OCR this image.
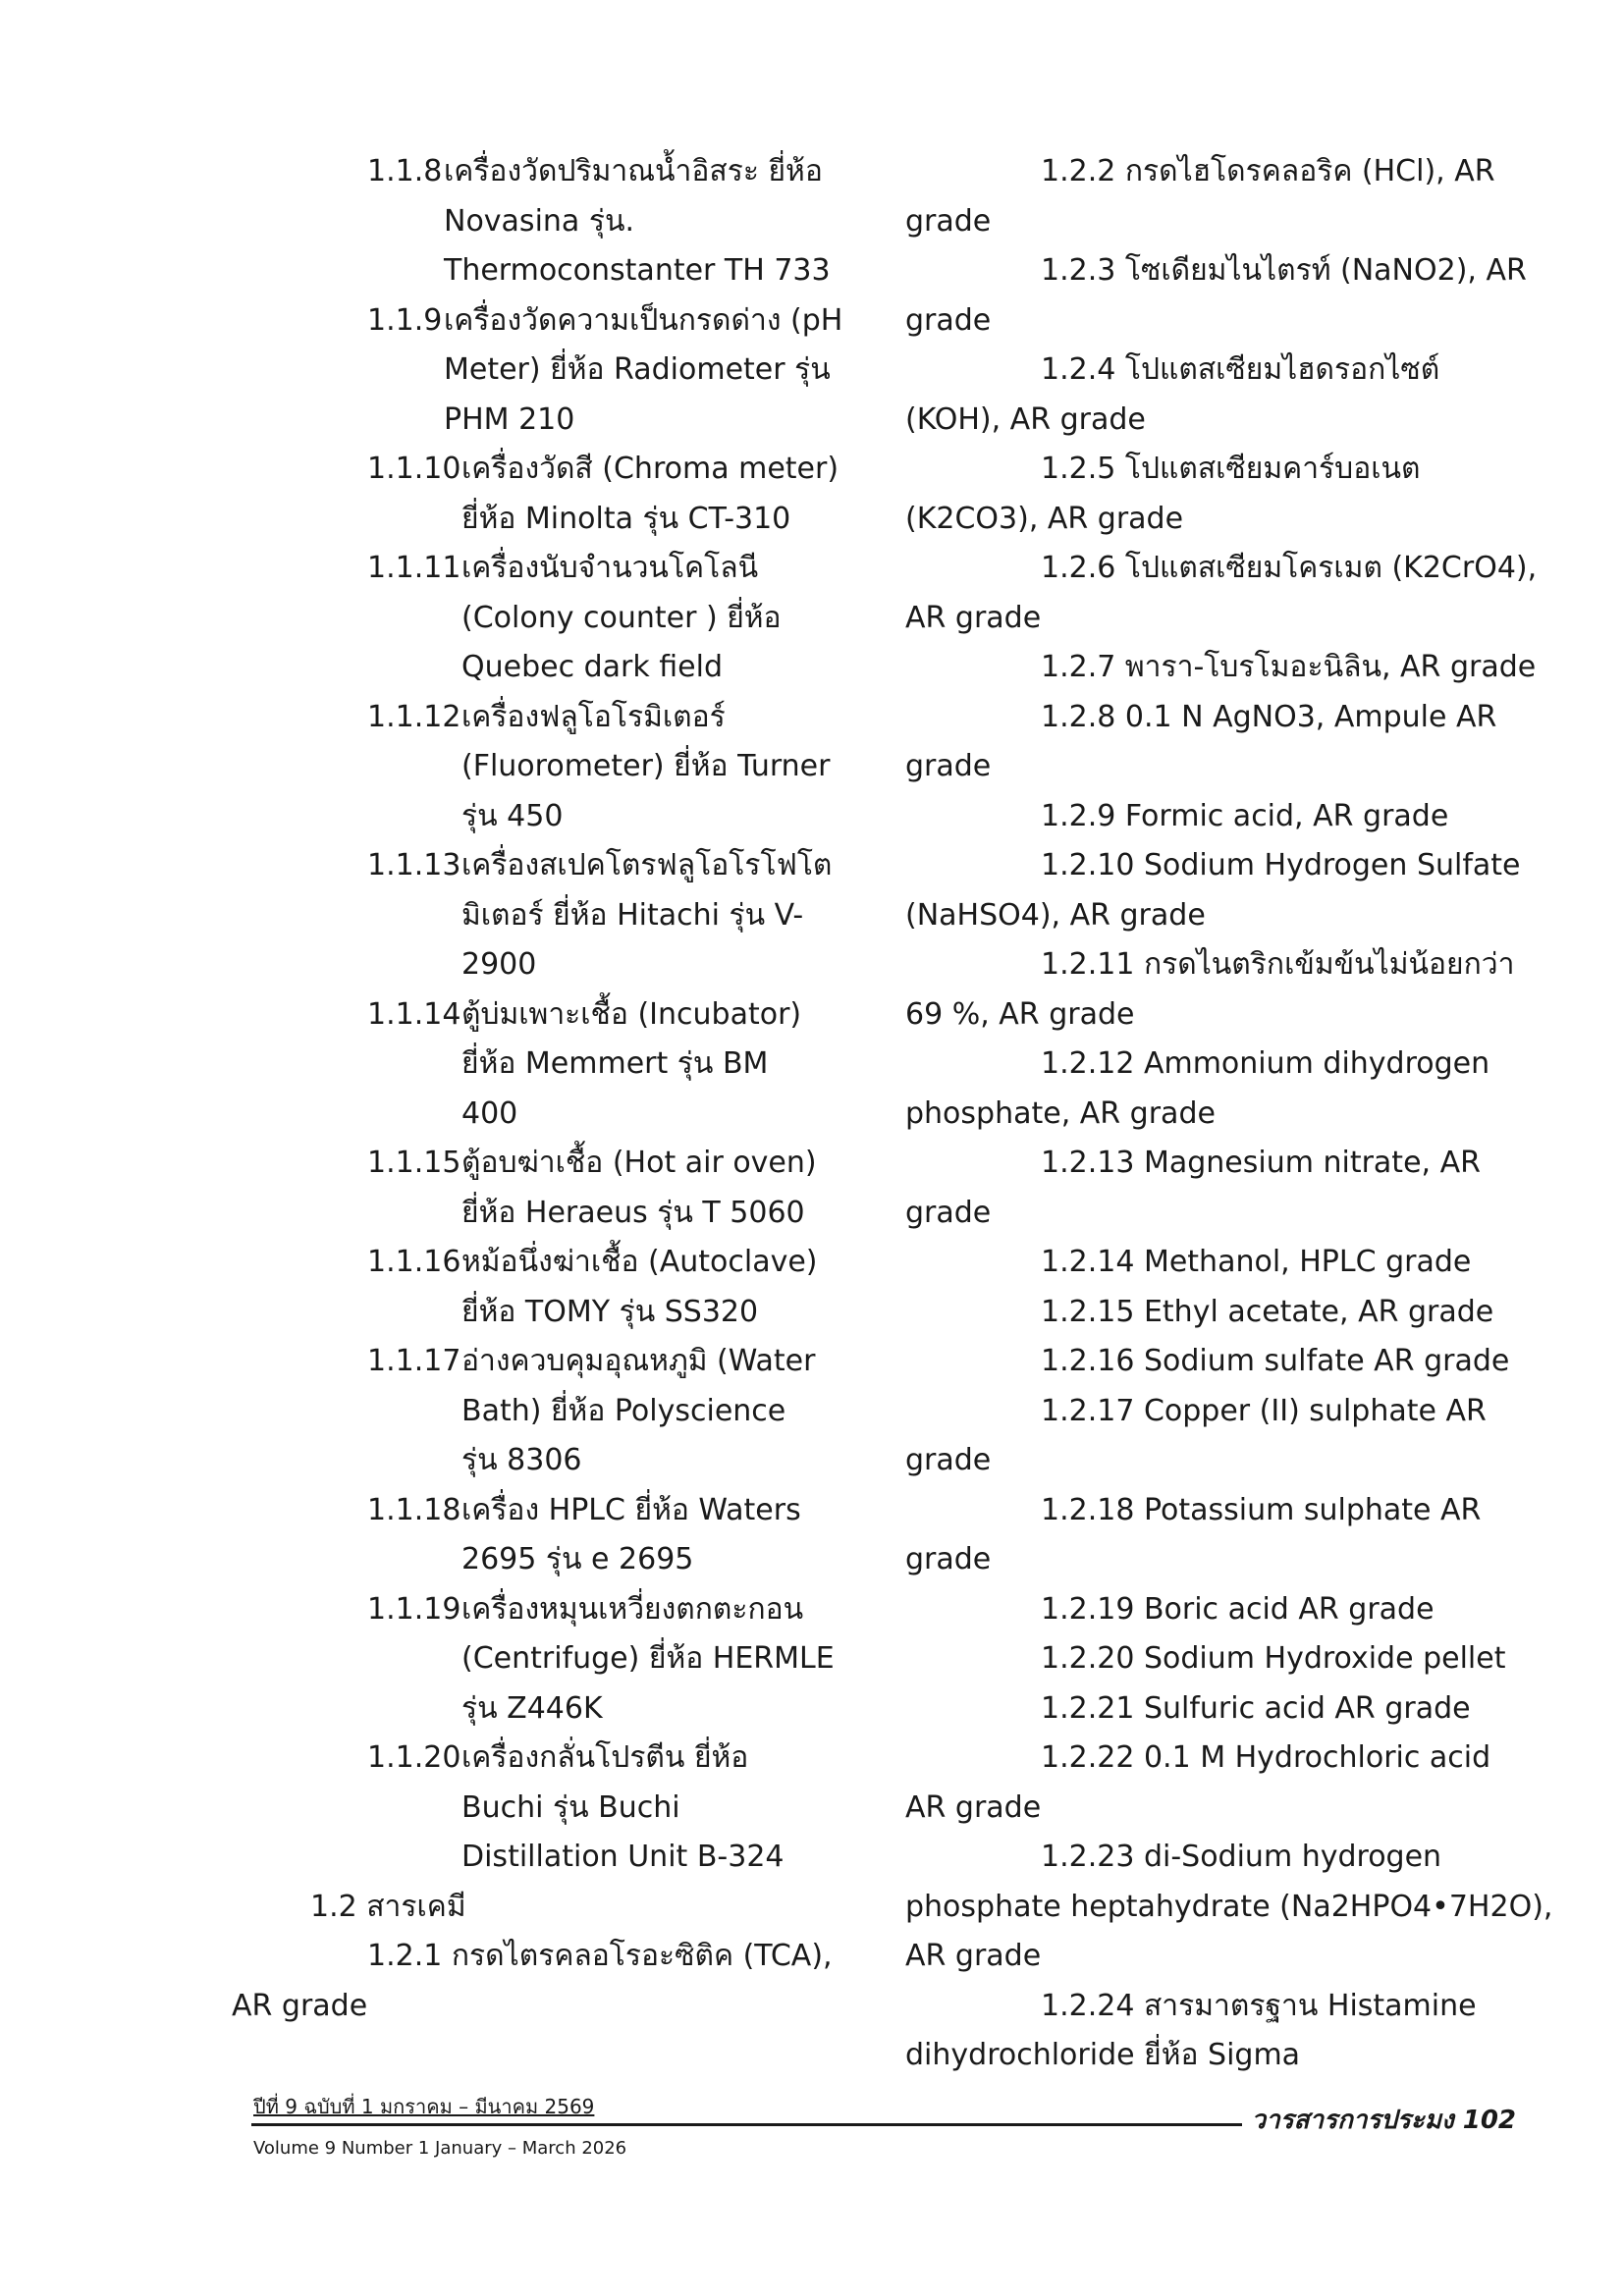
1.1.8 เครื่องวัดปริมาณน้ำอิสระ ยี่ห้อ
Novasina รุ่น.
Thermoconstanter TH 733
1.1.9 เครื่องวัดความเป็นกรดด่าง (pH
Meter) ยี่ห้อ Radiometer รุ่น
PHM 210
1.1.10 เครื่องวัดสี (Chroma meter)
ยี่ห้อ Minolta รุ่น CT-310
1.1.11 เครื่องนับจำนวนโคโลนี
(Colony counter ) ยี่ห้อ
Quebec dark field
1.1.12 เครื่องฟลูโอโรมิเตอร์
(Fluorometer) ยี่ห้อ Turner
รุ่น 450
1.1.13 เครื่องสเปคโตรฟลูโอโรโฟโต
มิเตอร์ ยี่ห้อ Hitachi รุ่น V-
2900
1.1.14 ตู้บ่มเพาะเชื้อ (Incubator)
ยี่ห้อ Memmert รุ่น BM
400
1.1.15 ตู้อบฆ่าเชื้อ (Hot air oven)
ยี่ห้อ Heraeus รุ่น T 5060
1.1.16 หม้อนึ่งฆ่าเชื้อ (Autoclave)
ยี่ห้อ TOMY รุ่น SS320
1.1.17 อ่างควบคุมอุณหภูมิ (Water
Bath) ยี่ห้อ Polyscience
รุ่น 8306
1.1.18 เครื่อง HPLC ยี่ห้อ Waters
2695 รุ่น e 2695
1.1.19 เครื่องหมุนเหวี่ยงตกตะกอน
(Centrifuge) ยี่ห้อ HERMLE
รุ่น Z446K
1.1.20 เครื่องกลั่นโปรตีน ยี่ห้อ
Buchi รุ่น Buchi
Distillation Unit B-324
1.2 สารเคมี
1.2.1 กรดไตรคลอโรอะซิติค (TCA),
AR grade
1.2.2 กรดไฮโดรคลอริค (HCl), AR
grade
1.2.3 โซเดียมไนไตรท์ (NaNO2), AR
grade
1.2.4 โปแตสเซียมไฮดรอกไซต์
(KOH), AR grade
1.2.5 โปแตสเซียมคาร์บอเนต
(K2CO3), AR grade
1.2.6 โปแตสเซียมโครเมต (K2CrO4),
AR grade
1.2.7 พารา-โบรโมอะนิลิน, AR grade
1.2.8 0.1 N AgNO3, Ampule AR
grade
1.2.9 Formic acid, AR grade
1.2.10 Sodium Hydrogen Sulfate
(NaHSO4), AR grade
1.2.11 กรดไนตริกเข้มข้นไม่น้อยกว่า
69 %, AR grade
1.2.12 Ammonium dihydrogen
phosphate, AR grade
1.2.13 Magnesium nitrate, AR
grade
1.2.14 Methanol, HPLC grade
1.2.15 Ethyl acetate, AR grade
1.2.16 Sodium sulfate AR grade
1.2.17 Copper (II) sulphate AR
grade
1.2.18 Potassium sulphate AR
grade
1.2.19 Boric acid AR grade
1.2.20 Sodium Hydroxide pellet
1.2.21 Sulfuric acid AR grade
1.2.22 0.1 M Hydrochloric acid
AR grade
1.2.23 di-Sodium hydrogen
phosphate heptahydrate (Na2HPO4•7H2O),
AR grade
1.2.24 สารมาตรฐาน Histamine
dihydrochloride ยี่ห้อ Sigma
ปีที่ 9 ฉบับที่ 1 มกราคม – มีนาคม 2569	วารสารการประมง 102
Volume 9 Number 1 January – March 2026
